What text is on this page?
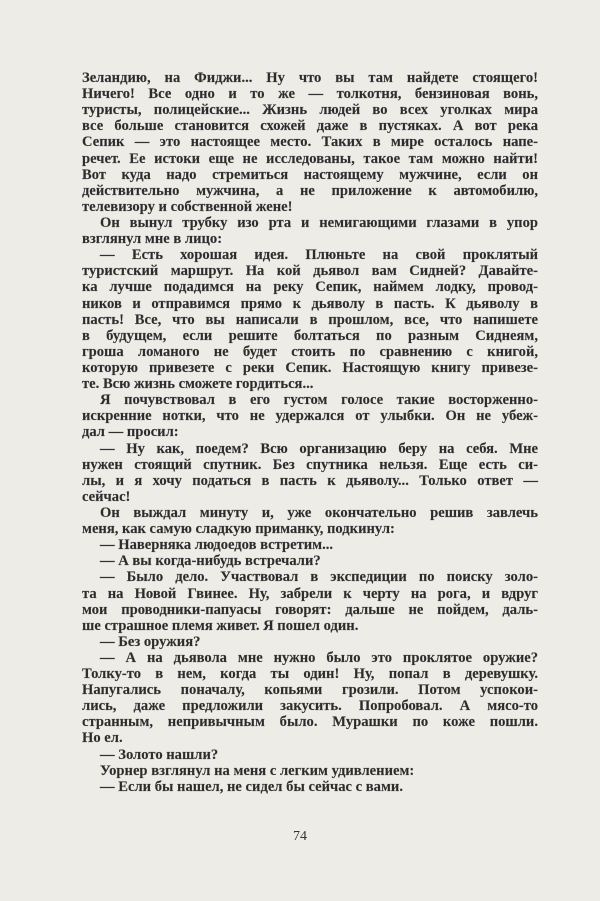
Зеландию, на Фиджи... Ну что вы там найдете стоящего!
Ничего! Все одно и то же — толкотня, бензиновая вонь,
туристы, полицейские... Жизнь людей во всех уголках мира
все больше становится схожей даже в пустяках. А вот река
Сепик — это настоящее место. Таких в мире осталось напе-
речет. Ее истоки еще не исследованы, такое там можно найти!
Вот куда надо стремиться настоящему мужчине, если он
действительно мужчина, а не приложение к автомобилю,
телевизору и собственной жене!
Он вынул трубку изо рта и немигающими глазами в упор
взглянул мне в лицо:
— Есть хорошая идея. Плюньте на свой проклятый
туристский маршрут. На кой дьявол вам Сидней? Давайте-
ка лучше подадимся на реку Сепик, наймем лодку, провод-
ников и отправимся прямо к дьяволу в пасть. К дьяволу в
пасть! Все, что вы написали в прошлом, все, что напишете
в будущем, если решите болтаться по разным Сиднеям,
гроша ломаного не будет стоить по сравнению с книгой,
которую привезете с реки Сепик. Настоящую книгу привезе-
те. Всю жизнь сможете гордиться...
Я почувствовал в его густом голосе такие восторженно-
искренние нотки, что не удержался от улыбки. Он не убеж-
дал — просил:
— Ну как, поедем? Всю организацию беру на себя. Мне
нужен стоящий спутник. Без спутника нельзя. Еще есть си-
лы, и я хочу податься в пасть к дьяволу... Только ответ —
сейчас!
Он выждал минуту и, уже окончательно решив завлечь
меня, как самую сладкую приманку, подкинул:
— Наверняка людоедов встретим...
— А вы когда-нибудь встречали?
— Было дело. Участвовал в экспедиции по поиску золо-
та на Новой Гвинее. Ну, забрели к черту на рога, и вдруг
мои проводники-папуасы говорят: дальше не пойдем, даль-
ше страшное племя живет. Я пошел один.
— Без оружия?
— А на дьявола мне нужно было это проклятое оружие?
Толку-то в нем, когда ты один! Ну, попал в деревушку.
Напугались поначалу, копьями грозили. Потом успокои-
лись, даже предложили закусить. Попробовал. А мясо-то
странным, непривычным было. Мурашки по коже пошли.
Но ел.
— Золото нашли?
Уорнер взглянул на меня с легким удивлением:
— Если бы нашел, не сидел бы сейчас с вами.
74
